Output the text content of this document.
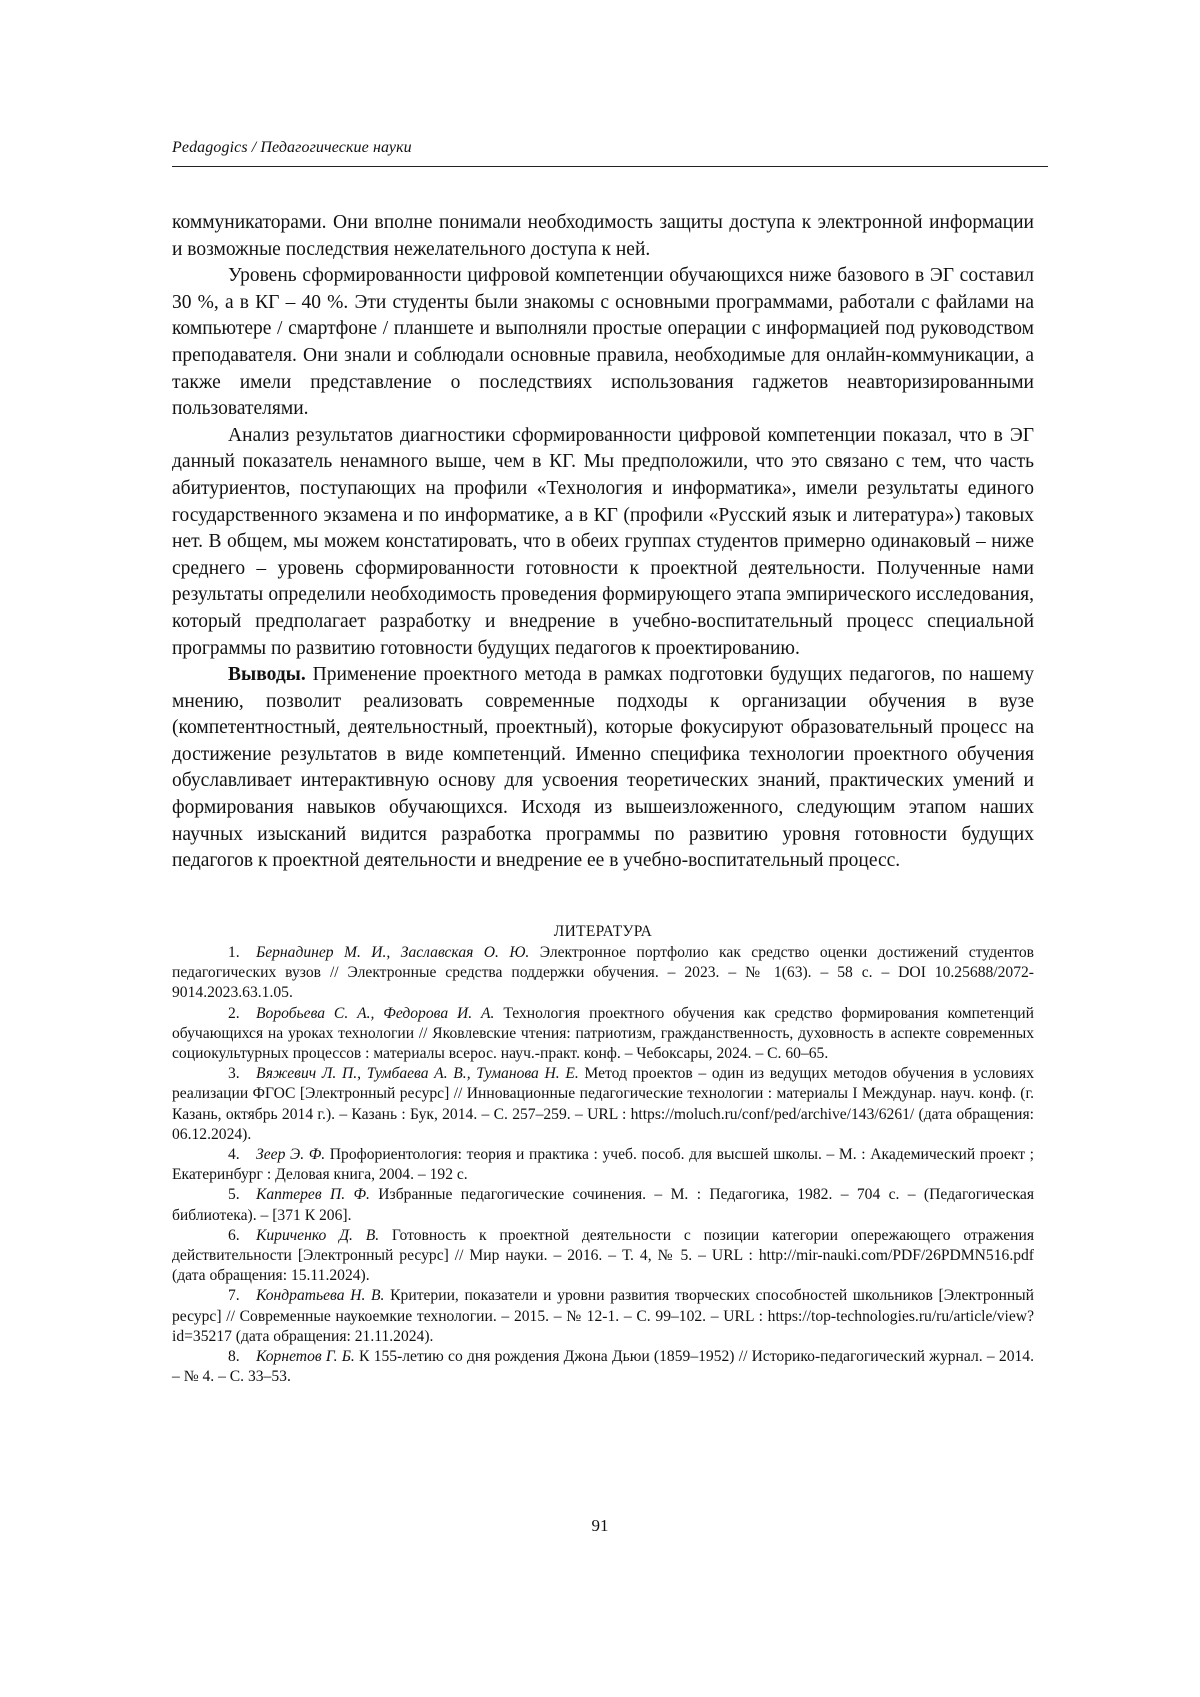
Pedagogics / Педагогические науки

коммуникаторами. Они вполне понимали необходимость защиты доступа к электронной информации и возможные последствия нежелательного доступа к ней.

Уровень сформированности цифровой компетенции обучающихся ниже базового в ЭГ составил 30 %, а в КГ – 40 %. Эти студенты были знакомы с основными программами, работали с файлами на компьютере / смартфоне / планшете и выполняли простые операции с информацией под руководством преподавателя. Они знали и соблюдали основные правила, необходимые для онлайн-коммуникации, а также имели представление о последствиях использования гаджетов неавторизированными пользователями.

Анализ результатов диагностики сформированности цифровой компетенции показал, что в ЭГ данный показатель ненамного выше, чем в КГ. Мы предположили, что это связано с тем, что часть абитуриентов, поступающих на профили «Технология и информатика», имели результаты единого государственного экзамена и по информатике, а в КГ (профили «Русский язык и литература») таковых нет. В общем, мы можем констатировать, что в обеих группах студентов примерно одинаковый – ниже среднего – уровень сформированности готовности к проектной деятельности. Полученные нами результаты определили необходимость проведения формирующего этапа эмпирического исследования, который предполагает разработку и внедрение в учебно-воспитательный процесс специальной программы по развитию готовности будущих педагогов к проектированию.

Выводы. Применение проектного метода в рамках подготовки будущих педагогов, по нашему мнению, позволит реализовать современные подходы к организации обучения в вузе (компетентностный, деятельностный, проектный), которые фокусируют образовательный процесс на достижение результатов в виде компетенций. Именно специфика технологии проектного обучения обуславливает интерактивную основу для усвоения теоретических знаний, практических умений и формирования навыков обучающихся. Исходя из вышеизложенного, следующим этапом наших научных изысканий видится разработка программы по развитию уровня готовности будущих педагогов к проектной деятельности и внедрение ее в учебно-воспитательный процесс.

ЛИТЕРАТУРА

1. Бернадинер М. И., Заславская О. Ю. Электронное портфолио как средство оценки достижений студентов педагогических вузов // Электронные средства поддержки обучения. – 2023. – № 1(63). – 58 с. – DOI 10.25688/2072-9014.2023.63.1.05.

2. Воробьева С. А., Федорова И. А. Технология проектного обучения как средство формирования компетенций обучающихся на уроках технологии // Яковлевские чтения: патриотизм, гражданственность, духовность в аспекте современных социокультурных процессов : материалы всерос. науч.-практ. конф. – Чебоксары, 2024. – С. 60–65.

3. Вяжевич Л. П., Тумбаева А. В., Туманова Н. Е. Метод проектов – один из ведущих методов обучения в условиях реализации ФГОС [Электронный ресурс] // Инновационные педагогические технологии : материалы I Междунар. науч. конф. (г. Казань, октябрь 2014 г.). – Казань : Бук, 2014. – С. 257–259. – URL : https://moluch.ru/conf/ped/archive/143/6261/ (дата обращения: 06.12.2024).

4. Зеер Э. Ф. Профориентология: теория и практика : учеб. пособ. для высшей школы. – М. : Академический проект ; Екатеринбург : Деловая книга, 2004. – 192 с.

5. Каптерев П. Ф. Избранные педагогические сочинения. – М. : Педагогика, 1982. – 704 с. – (Педагогическая библиотека). – [371 К 206].

6. Кириченко Д. В. Готовность к проектной деятельности с позиции категории опережающего отражения действительности [Электронный ресурс] // Мир науки. – 2016. – Т. 4, № 5. – URL : http://mir-nauki.com/PDF/26PDMN516.pdf (дата обращения: 15.11.2024).

7. Кондратьева Н. В. Критерии, показатели и уровни развития творческих способностей школьников [Электронный ресурс] // Современные наукоемкие технологии. – 2015. – № 12-1. – С. 99–102. – URL : https://top-technologies.ru/ru/article/view?id=35217 (дата обращения: 21.11.2024).

8. Корнетов Г. Б. К 155-летию со дня рождения Джона Дьюи (1859–1952) // Историко-педагогический журнал. – 2014. – № 4. – С. 33–53.

91
